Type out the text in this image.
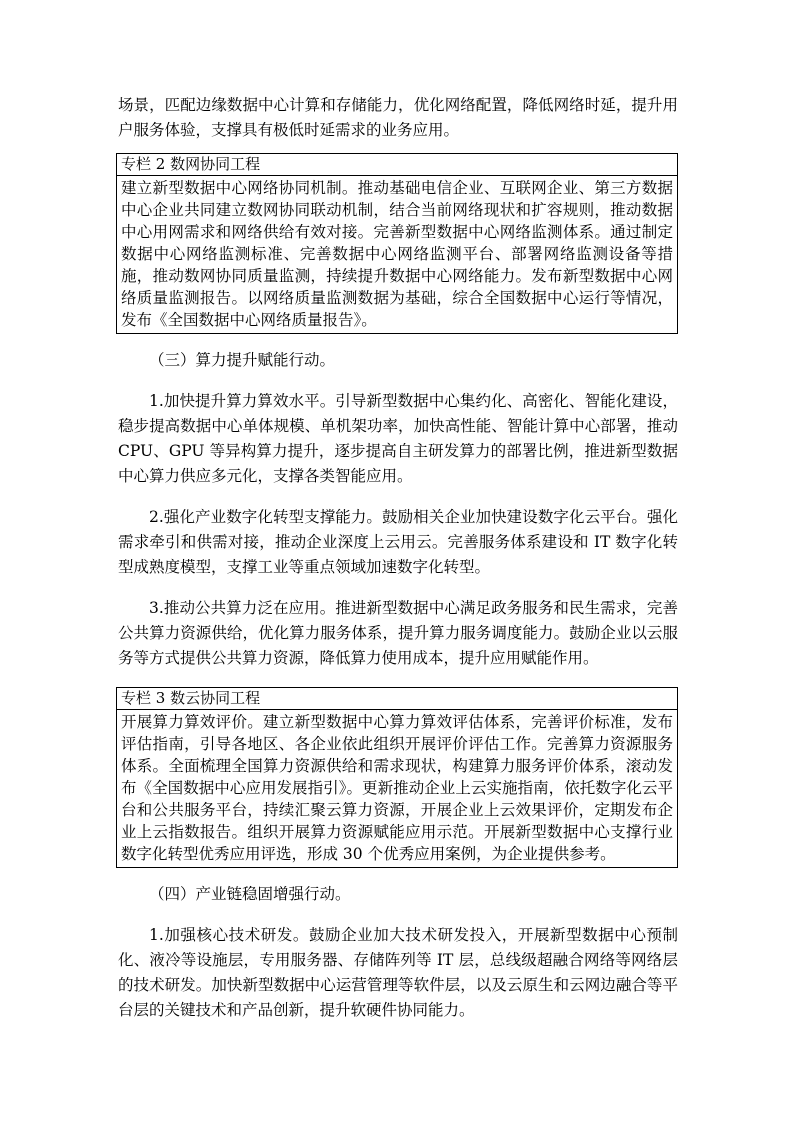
场景，匹配边缘数据中心计算和存储能力，优化网络配置，降低网络时延，提升用户服务体验，支撑具有极低时延需求的业务应用。

专栏 2 数网协同工程
建立新型数据中心网络协同机制。推动基础电信企业、互联网企业、第三方数据中心企业共同建立数网协同联动机制，结合当前网络现状和扩容规则，推动数据中心用网需求和网络供给有效对接。完善新型数据中心网络监测体系。通过制定数据中心网络监测标准、完善数据中心网络监测平台、部署网络监测设备等措施，推动数网协同质量监测，持续提升数据中心网络能力。发布新型数据中心网络质量监测报告。以网络质量监测数据为基础，综合全国数据中心运行等情况，发布《全国数据中心网络质量报告》。

（三）算力提升赋能行动。

1.加快提升算力算效水平。引导新型数据中心集约化、高密化、智能化建设，稳步提高数据中心单体规模、单机架功率，加快高性能、智能计算中心部署，推动 CPU、GPU 等异构算力提升，逐步提高自主研发算力的部署比例，推进新型数据中心算力供应多元化，支撑各类智能应用。

2.强化产业数字化转型支撑能力。鼓励相关企业加快建设数字化云平台。强化需求牵引和供需对接，推动企业深度上云用云。完善服务体系建设和 IT 数字化转型成熟度模型，支撑工业等重点领域加速数字化转型。

3.推动公共算力泛在应用。推进新型数据中心满足政务服务和民生需求，完善公共算力资源供给，优化算力服务体系，提升算力服务调度能力。鼓励企业以云服务等方式提供公共算力资源，降低算力使用成本，提升应用赋能作用。

专栏 3 数云协同工程
开展算力算效评价。建立新型数据中心算力算效评估体系，完善评价标准，发布评估指南，引导各地区、各企业依此组织开展评价评估工作。完善算力资源服务体系。全面梳理全国算力资源供给和需求现状，构建算力服务评价体系，滚动发布《全国数据中心应用发展指引》。更新推动企业上云实施指南，依托数字化云平台和公共服务平台，持续汇聚云算力资源，开展企业上云效果评价，定期发布企业上云指数报告。组织开展算力资源赋能应用示范。开展新型数据中心支撑行业数字化转型优秀应用评选，形成 30 个优秀应用案例，为企业提供参考。

（四）产业链稳固增强行动。

1.加强核心技术研发。鼓励企业加大技术研发投入，开展新型数据中心预制化、液冷等设施层，专用服务器、存储阵列等 IT 层，总线级超融合网络等网络层的技术研发。加快新型数据中心运营管理等软件层，以及云原生和云网边融合等平台层的关键技术和产品创新，提升软硬件协同能力。
